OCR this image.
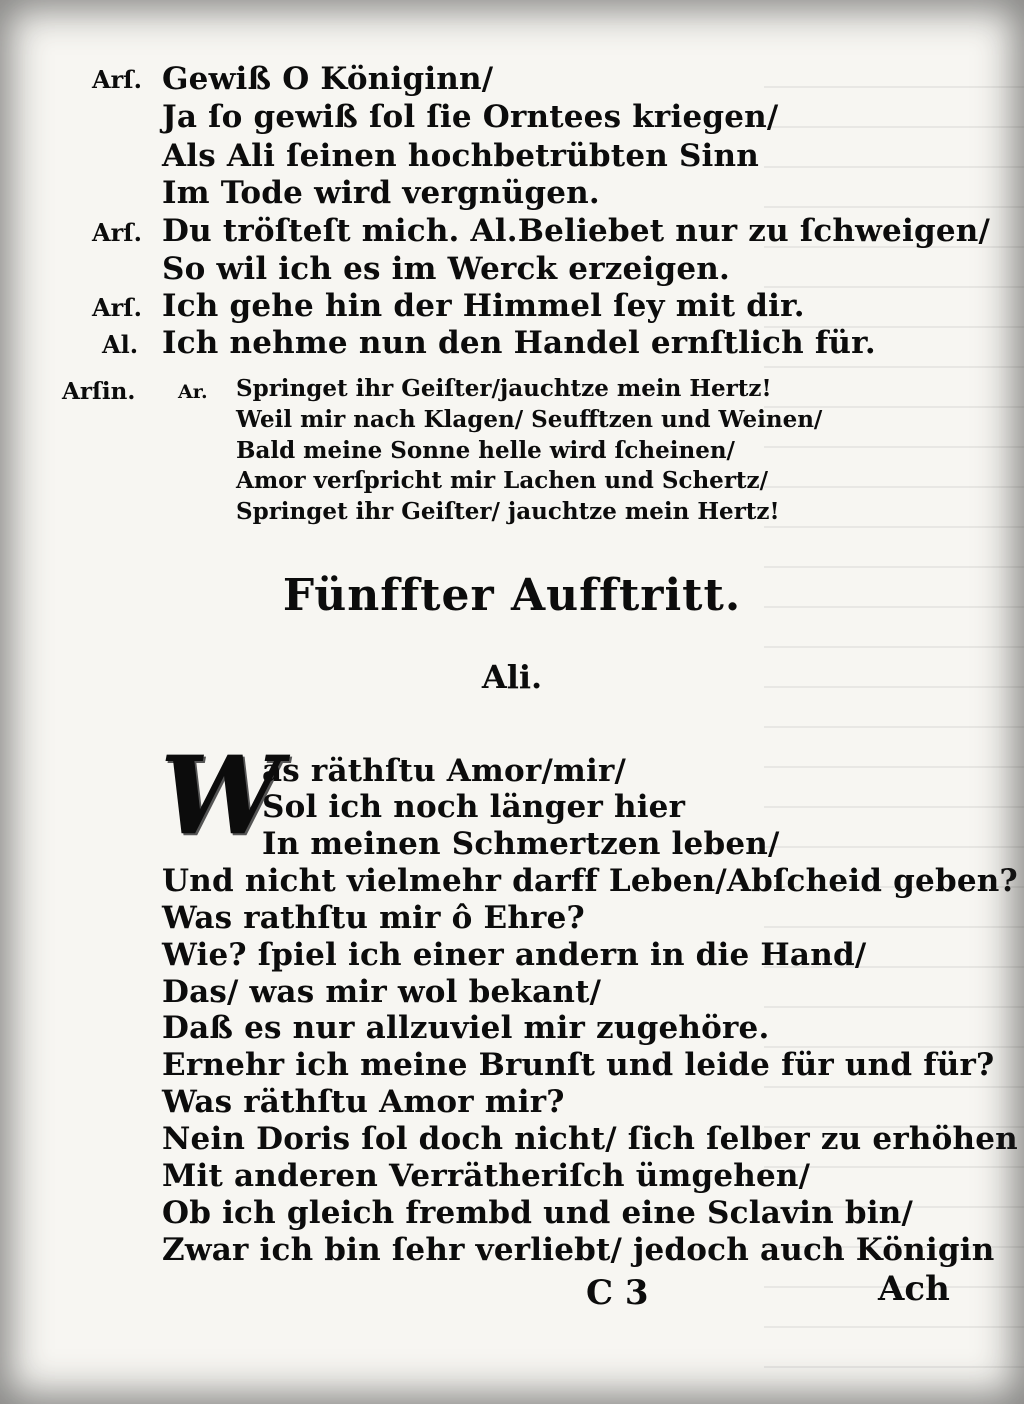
Arſ. Gewiß O Königinn/
Ja ſo gewiß ſol ſie Orntees kriegen/
Als Ali ſeinen hochbetrübten Sinn
Im Tode wird vergnügen.
Arſ. Du tröſteſt mich. Al.Beliebet nur zu ſchweigen/
So wil ich es im Werck erzeigen.
Arſ. Ich gehe hin der Himmel ſey mit dir.
Al. Ich nehme nun den Handel ernſtlich für.
Arſin. Ar. Springet ihr Geiſter/jauchtze mein Hertz!
Weil mir nach Klagen/ Seufftzen und Weinen/
Bald meine Sonne helle wird ſcheinen/
Amor verſpricht mir Lachen und Schertz/
Springet ihr Geiſter/ jauchtze mein Hertz!
Fünffter Aufftritt.
Ali.
W
as räthſtu Amor/mir/
Sol ich noch länger hier
In meinen Schmertzen leben/
Und nicht vielmehr darff Leben/Abſcheid geben?
Was rathſtu mir ô Ehre?
Wie? ſpiel ich einer andern in die Hand/
Das/ was mir wol bekant/
Daß es nur allzuviel mir zugehöre.
Ernehr ich meine Brunſt und leide für und für?
Was räthſtu Amor mir?
Nein Doris ſol doch nicht/ ſich ſelber zu erhöhen
Mit anderen Verrätheriſch ümgehen/
Ob ich gleich frembd und eine Sclavin bin/
Zwar ich bin ſehr verliebt/ jedoch auch Königin
C 3	Ach
